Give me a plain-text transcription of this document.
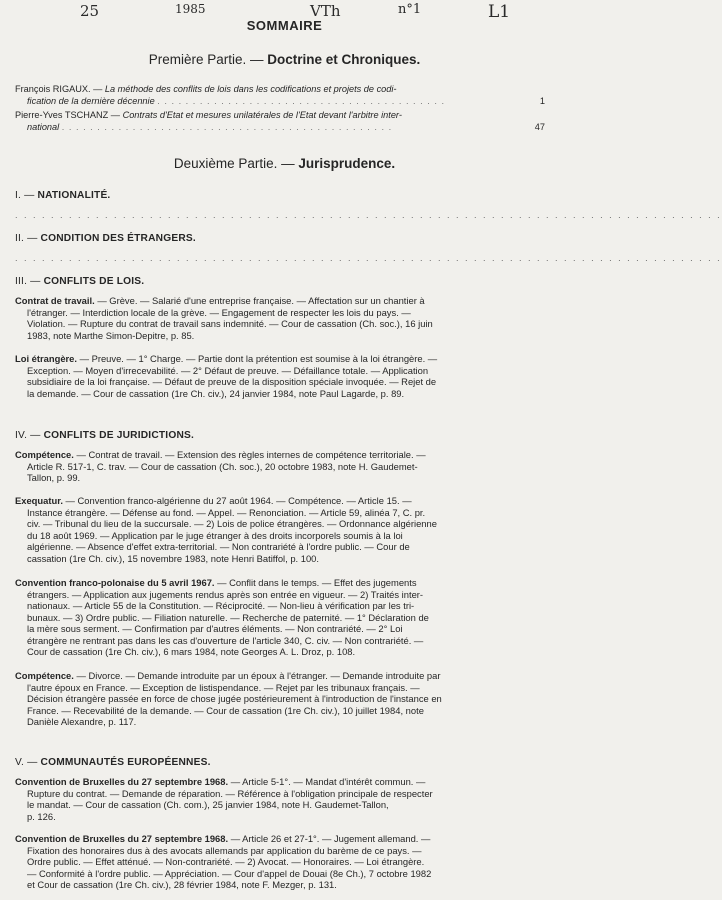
25	1985	VTh	n°1	L1
SOMMAIRE
Première Partie. — Doctrine et Chroniques.
François RIGAUX. — La méthode des conflits de lois dans les codifications et projets de codi-
fication de la dernière décennie . . . . . . . . . . . . . . . . . . . . . . . . . . . . . . . . . . . . . . . . .	1
Pierre-Yves TSCHANZ — Contrats d'Etat et mesures unilatérales de l'Etat devant l'arbitre inter-
national . . . . . . . . . . . . . . . . . . . . . . . . . . . . . . . . . . . . . . . . . . . . . . .	47
Deuxième Partie. — Jurisprudence.
I. — NATIONALITÉ.
. . . . . . . . . . . . . . . . . . . . . . . . . . . . . . . . . . . . . . . . . . . . . . . . . . . . . . . . . . . . . . . . . . . . . . . . . . . . . . .
II. — CONDITION DES ÉTRANGERS.
. . . . . . . . . . . . . . . . . . . . . . . . . . . . . . . . . . . . . . . . . . . . . . . . . . . . . . . . . . . . . . . . . . . . . . . . . . . . . . .
III. — CONFLITS DE LOIS.

Contrat de travail. — Grève. — Salarié d'une entreprise française. — Affectation sur un chantier à
l'étranger. — Interdiction locale de la grève. — Engagement de respecter les lois du pays. —
Violation. — Rupture du contrat de travail sans indemnité. — Cour de cassation (Ch. soc.), 16 juin
1983, note Marthe Simon-Depitre, p. 85.

Loi étrangère. — Preuve. — 1° Charge. — Partie dont la prétention est soumise à la loi étrangère. —
Exception. — Moyen d'irrecevabilité. — 2° Défaut de preuve. — Défaillance totale. — Application
subsidiaire de la loi française. — Défaut de preuve de la disposition spéciale invoquée. — Rejet de
la demande. — Cour de cassation (1re Ch. civ.), 24 janvier 1984, note Paul Lagarde, p. 89.

IV. — CONFLITS DE JURIDICTIONS.

Compétence. — Contrat de travail. — Extension des règles internes de compétence territoriale. —
Article R. 517-1, C. trav. — Cour de cassation (Ch. soc.), 20 octobre 1983, note H. Gaudemet-
Tallon, p. 99.

Exequatur. — Convention franco-algérienne du 27 août 1964. — Compétence. — Article 15. —
Instance étrangère. — Défense au fond. — Appel. — Renonciation. — Article 59, alinéa 7, C. pr.
civ. — Tribunal du lieu de la succursale. — 2) Lois de police étrangères. — Ordonnance algérienne
du 18 août 1969. — Application par le juge étranger à des droits incorporels soumis à la loi
algérienne. — Absence d'effet extra-territorial. — Non contrariété à l'ordre public. — Cour de
cassation (1re Ch. civ.), 15 novembre 1983, note Henri Batiffol, p. 100.

Convention franco-polonaise du 5 avril 1967. — Conflit dans le temps. — Effet des jugements
étrangers. — Application aux jugements rendus après son entrée en vigueur. — 2) Traités inter-
nationaux. — Article 55 de la Constitution. — Réciprocité. — Non-lieu à vérification par les tri-
bunaux. — 3) Ordre public. — Filiation naturelle. — Recherche de paternité. — 1° Déclaration de
la mère sous serment. — Confirmation par d'autres éléments. — Non contrariété. — 2° Loi
étrangère ne rentrant pas dans les cas d'ouverture de l'article 340, C. civ. — Non contrariété. —
Cour de cassation (1re Ch. civ.), 6 mars 1984, note Georges A. L. Droz, p. 108.

Compétence. — Divorce. — Demande introduite par un époux à l'étranger. — Demande introduite par
l'autre époux en France. — Exception de listispendance. — Rejet par les tribunaux français. —
Décision étrangère passée en force de chose jugée postérieurement à l'introduction de l'instance en
France. — Recevabilité de la demande. — Cour de cassation (1re Ch. civ.), 10 juillet 1984, note
Danièle Alexandre, p. 117.

V. — COMMUNAUTÉS EUROPÉENNES.

Convention de Bruxelles du 27 septembre 1968. — Article 5-1°. — Mandat d'intérêt commun. —
Rupture du contrat. — Demande de réparation. — Référence à l'obligation principale de respecter
le mandat. — Cour de cassation (Ch. com.), 25 janvier 1984, note H. Gaudemet-Tallon,
p. 126.

Convention de Bruxelles du 27 septembre 1968. — Article 26 et 27-1°. — Jugement allemand. —
Fixation des honoraires dus à des avocats allemands par application du barème de ce pays. —
Ordre public. — Effet atténué. — Non-contrariété. — 2) Avocat. — Honoraires. — Loi étrangère.
— Conformité à l'ordre public. — Appréciation. — Cour d'appel de Douai (8e Ch.), 7 octobre 1982
et Cour de cassation (1re Ch. civ.), 28 février 1984, note F. Mezger, p. 131.
